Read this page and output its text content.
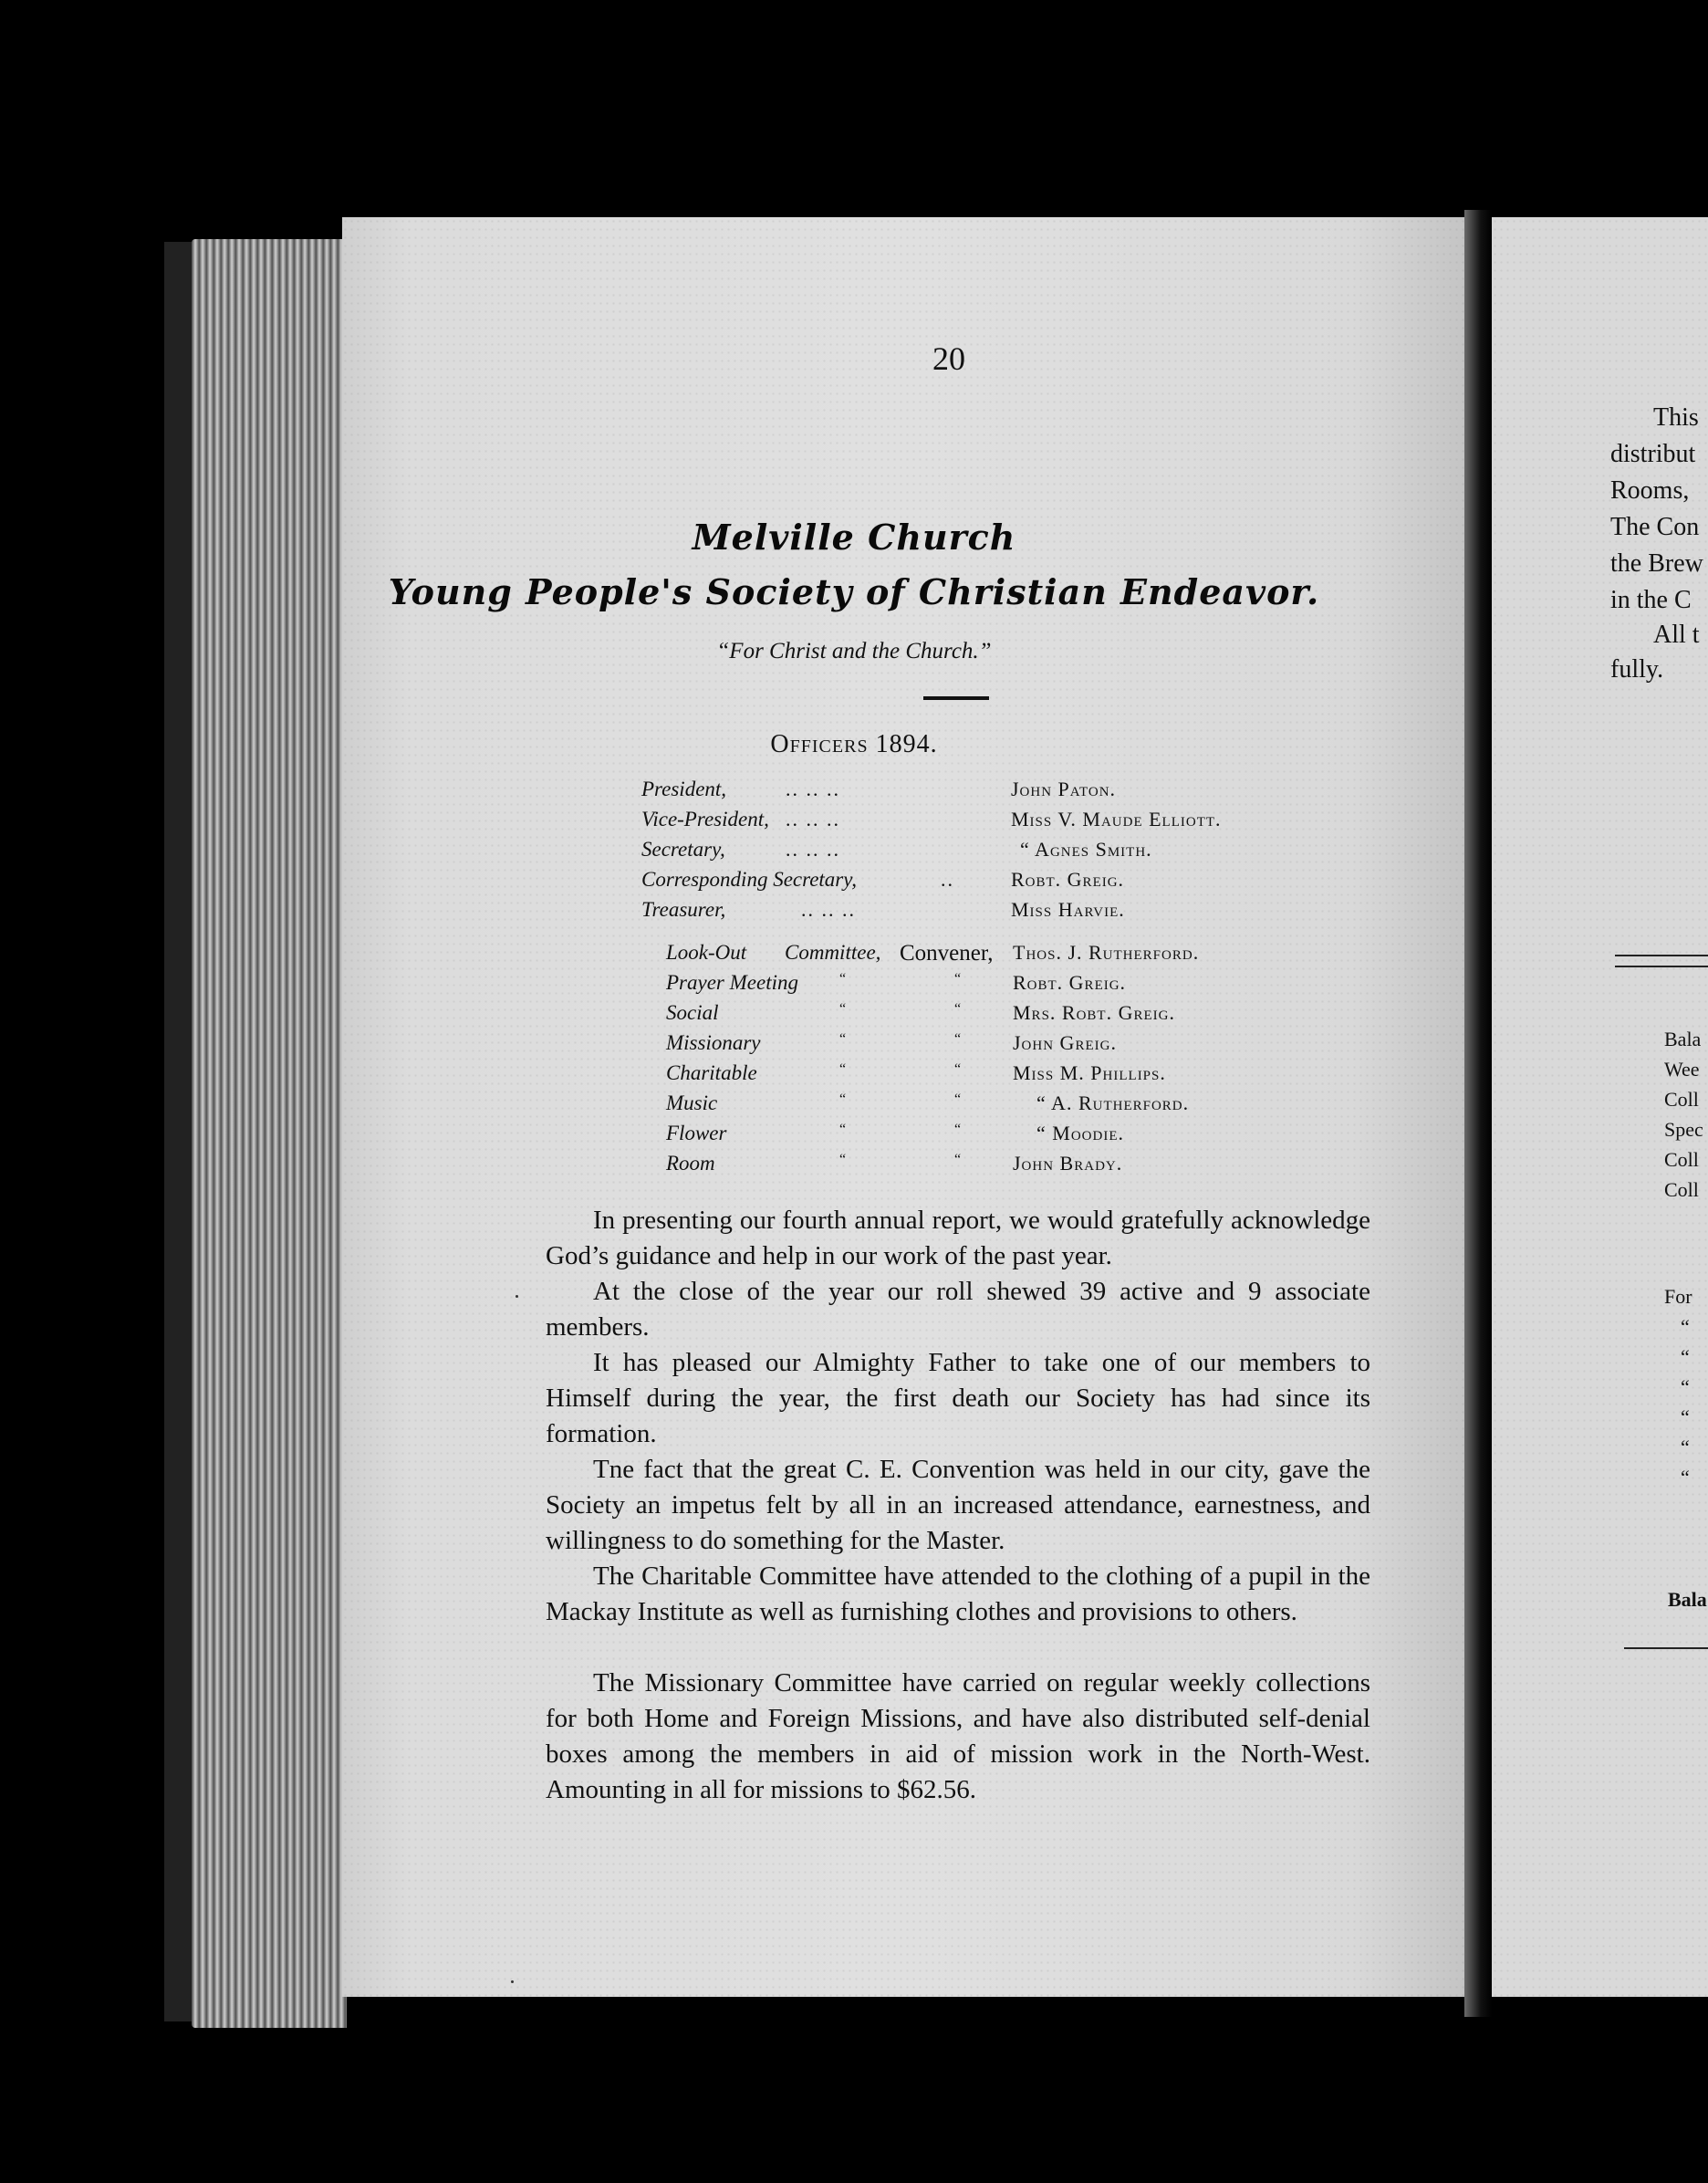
20
Melville Church
Young People's Society of Christian Endeavor.
“For Christ and the Church.”
Officers 1894.
President,	.. .. ..	John Paton.
Vice-President, .. .. ..	Miss V. Maude Elliott.
Secretary,	.. .. ..	“ Agnes Smith.
Corresponding Secretary,	..	Robt. Greig.
Treasurer,	.. .. ..	Miss Harvie.
Look-Out Committee, Convener, Thos. J. Rutherford.
Prayer Meeting	“	“	Robt. Greig.
Social	“	“	Mrs. Robt. Greig.
Missionary	“	“	John Greig.
Charitable	“	“	Miss M. Phillips.
Music	“	“	“ A. Rutherford.
Flower	“	“	“ Moodie.
Room	“	“	John Brady.
In presenting our fourth annual report, we would gratefully acknowledge God’s guidance and help in our work of the past year.
At the close of the year our roll shewed 39 active and 9 associate members.
It has pleased our Almighty Father to take one of our members to Himself during the year, the first death our Society has had since its formation.
Tne fact that the great C. E. Convention was held in our city, gave the Society an impetus felt by all in an increased attendance, earnestness, and willingness to do something for the Master.
The Charitable Committee have attended to the clothing of a pupil in the Mackay Institute as well as furnishing clothes and provisions to others.
The Missionary Committee have carried on regular weekly collections for both Home and Foreign Missions, and have also distributed self-denial boxes among the members in aid of mission work in the North-West. Amounting in all for missions to $62.56.
This
distribut
Rooms,
The Con
the Brew
in the C
All t
fully.
Bala
Wee
Coll
Spec
Coll
Coll
For
“
“
“
“
“
“
Bala
